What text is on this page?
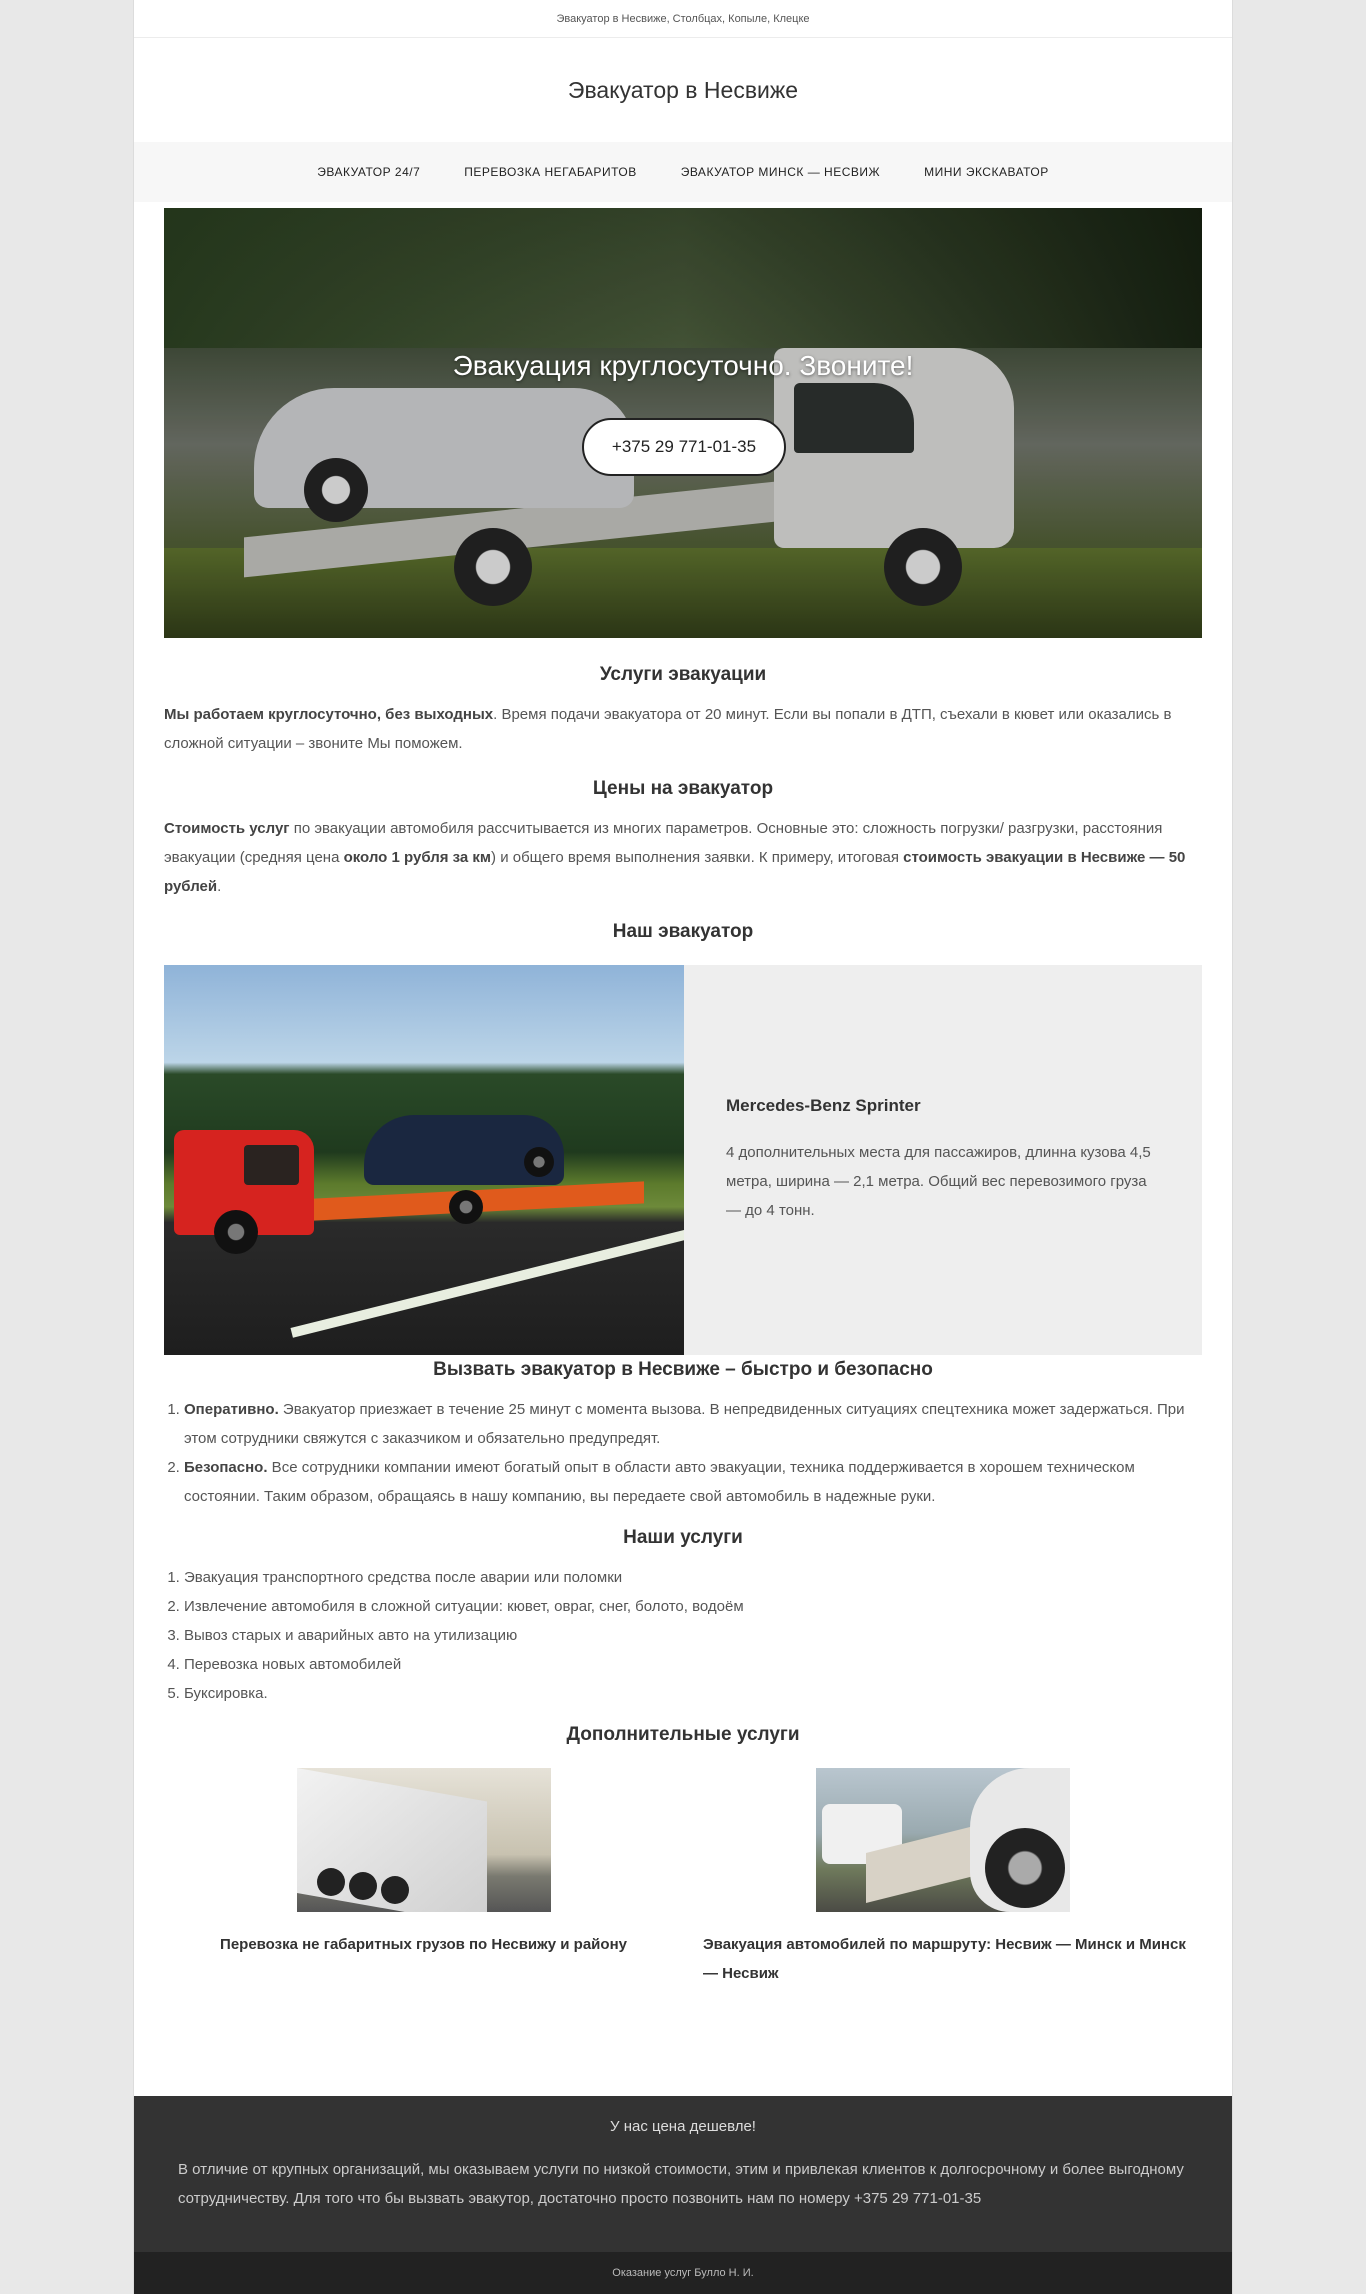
Эвакуатор в Несвиже, Столбцах, Копыле, Клецке
Эвакуатор в Несвиже
ЭВАКУАТОР 24/7	ПЕРЕВОЗКА НЕГАБАРИТОВ	ЭВАКУАТОР МИНСК — НЕСВИЖ	МИНИ ЭКСКАВАТОР
Эвакуация круглосуточно. Звоните!
+375 29 771-01-35
Услуги эвакуации

Мы работаем круглосуточно, без выходных. Время подачи эвакуатора от 20 минут. Если вы попали в ДТП, съехали в кювет или оказались в сложной ситуации – звоните Мы поможем.

Цены на эвакуатор

Стоимость услуг по эвакуации автомобиля рассчитывается из многих параметров. Основные это: сложность погрузки/ разгрузки, расстояния эвакуации (средняя цена около 1 рубля за км) и общего время выполнения заявки. К примеру, итоговая стоимость эвакуации в Несвиже — 50 рублей.

Наш эвакуатор
Mercedes-Benz Sprinter
4 дополнительных места для пассажиров, длинна кузова 4,5 метра, ширина — 2,1 метра. Общий вес перевозимого груза — до 4 тонн.
Вызвать эвакуатор в Несвиже – быстро и безопасно
1. Оперативно. Эвакуатор приезжает в течение 25 минут с момента вызова. В непредвиденных ситуациях спецтехника может задержаться. При этом сотрудники свяжутся с заказчиком и обязательно предупредят.
2. Безопасно. Все сотрудники компании имеют богатый опыт в области авто эвакуации, техника поддерживается в хорошем техническом состоянии. Таким образом, обращаясь в нашу компанию, вы передаете свой автомобиль в надежные руки.
Наши услуги
1. Эвакуация транспортного средства после аварии или поломки
2. Извлечение автомобиля в сложной ситуации: кювет, овраг, снег, болото, водоём
3. Вывоз старых и аварийных авто на утилизацию
4. Перевозка новых автомобилей
5. Буксировка.
Дополнительные услуги
Перевозка не габаритных грузов по Несвижу и району	Эвакуация автомобилей по маршруту: Несвиж — Минск и Минск — Несвиж
У нас цена дешевле!
В отличие от крупных организаций, мы оказываем услуги по низкой стоимости, этим и привлекая клиентов к долгосрочному и более выгодному сотрудничеству. Для того что бы вызвать эвакутор, достаточно просто позвонить нам по номеру +375 29 771-01-35
Оказание услуг Булло Н. И.
